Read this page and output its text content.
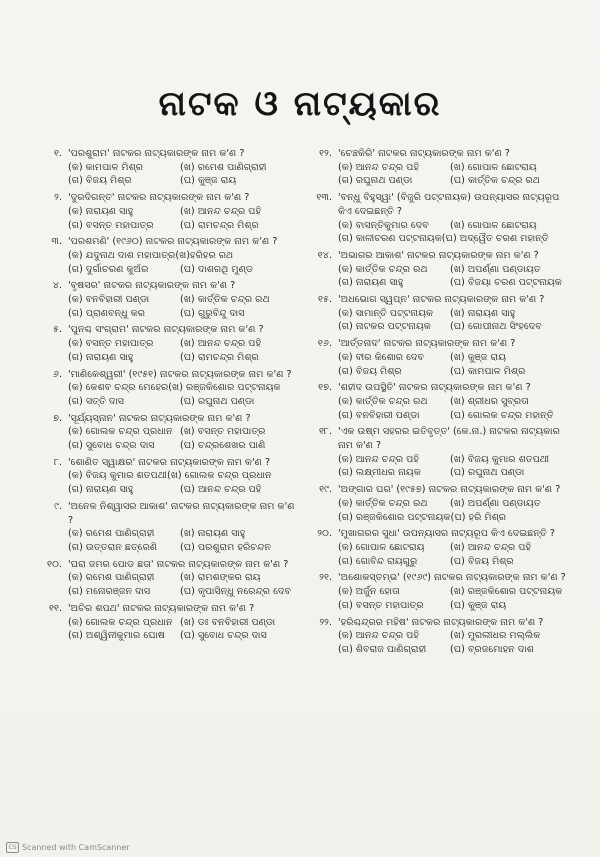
ନାଟକ ଓ ନାଟ୍ୟକାର
୧. 'ପରଶୁରାମ' ନାଟକର ନାଟ୍ୟକାରଙ୍କ ନାମ କ'ଣ ?
(କ) କାମପାଳ ମିଶ୍ର	(ଖ) ରମେଶ ପାଣିଗ୍ରାହୀ
(ଗ) ବିଜୟ ମିଶ୍ର	(ଘ) କୁଞ୍ଜ ରାୟ
୨. 'ଦୁରଦିଗନ୍ତ' ନାଟକର ନାଟ୍ୟକାରଙ୍କ ନାମ କ'ଣ ?
(କ) ନାରାୟଣ ସାହୁ	(ଖ) ଆନନ୍ଦ ଚନ୍ଦ୍ର ପହି
(ଗ) ବସନ୍ତ ମହାପାତ୍ର	(ଘ) ରାମଚନ୍ଦ୍ର ମିଶ୍ର
୩. 'ପରଶମଣି' (୧୯୬୦) ନାଟକର ନାଟ୍ୟକାରଙ୍କ ନାମ କ'ଣ ?
(କ) ଯଦୁନାଥ ଦାଶ ମହାପାତ୍ର(ଖ)ହରିହର ରଥ
(ଗ) ଦୁର୍ଗାଚରଣ କୁଅଁର	(ଘ) ଦାଶରଥି ମୁଣ୍ଡ
୪. 'ବୃଷସର' ନାଟକର ନାଟ୍ୟକାରଙ୍କ ନାମ କ'ଣ ?
(କ) ବନବିହାରୀ ପଣ୍ଡା	(ଖ) କାର୍ତ୍ତିକ ଚନ୍ଦ୍ର ରଥ
(ଗ) ପ୍ରାଣବନ୍ଧୁ କର	(ଘ) ଗୁରୁବିନ୍ଦୁ ଦାସ
୫. 'ପୁନଶ୍ଚ ସଂଗ୍ରାମ' ନାଟକର ନାଟ୍ୟକାରଙ୍କ ନାମ କ'ଣ ?
(କ) ବସନ୍ତ ମହାପାତ୍ର	(ଖ) ଆନନ୍ଦ ଚନ୍ଦ୍ର ପହି
(ଗ) ନାରାୟଣ ସାହୁ	(ଘ) ରାମଚନ୍ଦ୍ର ମିଶ୍ର
୬. 'ମାଣିକେଶ୍ୱରୀ' (୧୯୫୧) ନାଟକର ନାଟ୍ୟକାରଙ୍କ ନାମ କ'ଣ ?
(କ) କେଶବ ଚନ୍ଦ୍ର ମେହେର(ଖ) ରଞ୍ଜକିଶୋର ପଟ୍ଟନାୟକ
(ଗ) ସତ୍ତି ଦାସ	(ଘ) ରଘୁନାଥ ପଣ୍ଡା
୭. 'ସୂର୍ଯ୍ୟସ୍ନାନ' ନାଟକର ନାଟ୍ୟକାରଙ୍କ ନାମ କ'ଣ ?
(କ) ଗୋଲକ ଚନ୍ଦ୍ର ପ୍ରଧାନ (ଖ) ବସନ୍ତ ମହାପାତ୍ର
(ଗ) ସୁବୋଧ ଚନ୍ଦ୍ର ଦାସ	(ଘ) ଚନ୍ଦ୍ରଶେଖର ପାଣି
୮. 'ଶୋଣିତ ସ୍ୱାକ୍ଷର' ନାଟକର ନାଟ୍ୟକାରଙ୍କ ନାମ କ'ଣ ?
(କ) ବିଜୟ କୁମାର ଶତପଥୀ(ଖ) ଗୋଲକ ଚନ୍ଦ୍ର ପ୍ରଧାନ
(ଗ) ନାରାୟଣ ସାହୁ	(ଘ) ଆନନ୍ଦ ଚନ୍ଦ୍ର ପହି
୯. 'ଅନେକ ନିଶ୍ୱାସର ଆକାଶ' ନାଟକର ନାଟ୍ୟକାରଙ୍କ ନାମ କ'ଣ ?
(କ) ରମେଶ ପାଣିଗ୍ରାହୀ	(ଖ) ନାରାୟଣ ସାହୁ
(ଗ) ଉତ୍ତରାନ ଛତ୍ରେଣି	(ଘ) ପରଶୁରାମ ହରିଚନ୍ଦନ
୧୦. 'ଘରା ଜମର ପୋଡ ଛତା' ନାଟକର ନାଟ୍ୟକାରଙ୍କ ନାମ କ'ଣ ?
(କ) ରମେଶ ପାଣିଗ୍ରାହୀ	(ଖ) ରାମଶଙ୍କର ରାୟ
(ଗ) ମନୋରଞ୍ଜନ ଦାସ	(ଘ) କୃପାସିନ୍ଧୁ ନରେନ୍ଦ୍ର ଦେବ
୧୧. 'ଅଚିର ଶପଥ' ନାଟକର ନାଟ୍ୟକାରଙ୍କ ନାମ କ'ଣ ?
(କ) ଗୋଲକ ଚନ୍ଦ୍ର ପ୍ରଧାନ (ଖ) ଡଃ ବନବିହାରୀ ପଣ୍ଡା
(ଗ) ଅଶ୍ୱିନୀକୁମାର ଘୋଷ	(ଘ) ସୁବୋଧ ଚନ୍ଦ୍ର ଦାସ
୧୨. 'ଚେଞ୍ଚକିରି' ନାଟକର ନାଟ୍ୟକାରଙ୍କ ନାମ କ'ଣ ?
(କ) ଆନନ୍ଦ ଚନ୍ଦ୍ର ପହି	(ଖ) ଗୋପାଳ ଛୋଟରାୟ
(ଗ) ରଘୁନାଥ ପଣ୍ଡା	(ଘ) କାର୍ତ୍ତିକ ଚନ୍ଦ୍ର ରଥ
୧୩. 'ବନ୍ଧୁ ବିହୁସ୍ୱା' (ବିଜୁରି ପଟ୍ଟନାୟକ) ଉପନ୍ୟାସର ନାଟ୍ୟରୂପ କିଏ ଦେଇଛନ୍ତି ?
(କ) ବାସନ୍ତିକୁମାର ଦେବ	(ଖ) ଗୋପାଳ ଛୋଟରାୟ
(ଗ) କାଳୀଚରଣ ପଟ୍ଟନାୟକ(ଘ) ଅଦ୍ୱୈତ ଚରଣ ମହାନ୍ତି
୧୪. 'ଅଭାଗର ଆକାଶ' ନାଟକର ନାଟ୍ୟକାରଙ୍କ ନାମ କ'ଣ ?
(କ) କାର୍ତ୍ତିକ ଚନ୍ଦ୍ର ରଥ	(ଖ) ଅପର୍ଣ୍ଣା ପଣ୍ଡାୟତ
(ଗ) ନାରାୟଣ ସାହୁ	(ଘ) ବିଜୟା ଚରଣ ପଟ୍ଟନାୟକ
୧୫. 'ଅଧଭୋଗ ସ୍ୱପ୍ନ' ନାଟକର ନାଟ୍ୟକାରଙ୍କ ନାମ କ'ଣ ?
(କ) ସାମାନ୍ତି ପଟ୍ଟନାୟକ	(ଖ) ନାରାୟଣ ସାହୁ
(ଗ) ନାଟକର ପଟ୍ଟନାୟକ	(ଘ) ଗୋପୀନାଥ ସିଂହଦେବ
୧୬. 'ଆର୍ତ୍ତନାଦ' ନାଟକର ନାଟ୍ୟକାରଙ୍କ ନାମ କ'ଣ ?
(କ) ବୀର କିଶୋର ଦେବ	(ଖ) କୁଞ୍ଜ ରାୟ
(ଗ) ବିଜୟ ମିଶ୍ର	(ଘ) କାମପାଳ ମିଶ୍ର
୧୭. 'ଶହୀଦ ଉପସ୍ଥିତି' ନାଟକର ନାଟ୍ୟକାରଙ୍କ ନାମ କ'ଣ ?
(କ) କାର୍ତ୍ତିକ ଚନ୍ଦ୍ର ରଥ	(ଖ) ଶ୍ରୀଧର ସୁବ୍ରତା
(ଗ) ବନବିହାରୀ ପଣ୍ଡା	(ଘ) ଗୋଲକ ଚନ୍ଦ୍ର ମହାନ୍ତି
୧୮. 'ଏକ ଉଷ୍ମ ସହରର ଇତିବୃତ୍ତ' (କେ.ନା.) ନାଟକର ନାଟ୍ୟକାର ନାମ କ'ଣ ?
(କ) ଆନନ୍ଦ ଚନ୍ଦ୍ର ପହି	(ଖ) ବିଜୟ କୁମାର ଶତପଥୀ
(ଗ) ଲକ୍ଷ୍ମୀଧର ନାୟକ	(ଘ) ରଘୁନାଥ ପଣ୍ଡା
୧୯. 'ଅଙ୍ଗାର ଘର' (୧୯୫୭) ନାଟକର ନାଟ୍ୟକାରଙ୍କ ନାମ କ'ଣ ?
(କ) କାର୍ତ୍ତିକ ଚନ୍ଦ୍ର ରଥ	(ଖ) ଅପର୍ଣ୍ଣା ପଣ୍ଡାୟତ
(ଗ) ରଞ୍ଜକିଶୋର ପଟ୍ଟନାୟକ(ଘ) ହରି ମିଶ୍ର
୨୦. 'ମୁଖାଗରର ସୁଧା' ଉପନ୍ୟାସର ନାଟ୍ୟରୂପ କିଏ ଦେଇଛନ୍ତି ?
(କ) ଗୋପାଳ ଛୋଟରାୟ	(ଖ) ଆନନ୍ଦ ଚନ୍ଦ୍ର ପହି
(ଗ) ଗୋବିନ୍ଦ ରାୟଗୁରୁ	(ଘ) ବିଜୟ ମିଶ୍ର
୨୧. 'ଅଶୋକସ୍ତମ୍ଭ' (୧୯୬୯) ନାଟକର ନାଟ୍ୟକାରଙ୍କ ନାମ କ'ଣ ?
(କ) ଅର୍ଜୁନ ହୋତା	(ଖ) ରଞ୍ଜକିଶୋର ପଟ୍ଟନାୟକ
(ଗ) ବସନ୍ତ ମହାପାତ୍ର	(ଘ) କୁଞ୍ଜ ରାୟ
୨୨. 'ହରିଶ୍ଚନ୍ଦ୍ରର ମହିଷ' ନାଟକର ନାଟ୍ୟକାରଙ୍କ ନାମ କ'ଣ ?
(କ) ଆନନ୍ଦ ଚନ୍ଦ୍ର ପହି	(ଖ) ମୁରଲୀଧର ମଲ୍ଲିକ
(ଗ) ଶିବରାଜ ପାଣିଗ୍ରାହୀ	(ଘ) ବ୍ରଜମୋହନ ଦାଶ
CS Scanned with CamScanner
